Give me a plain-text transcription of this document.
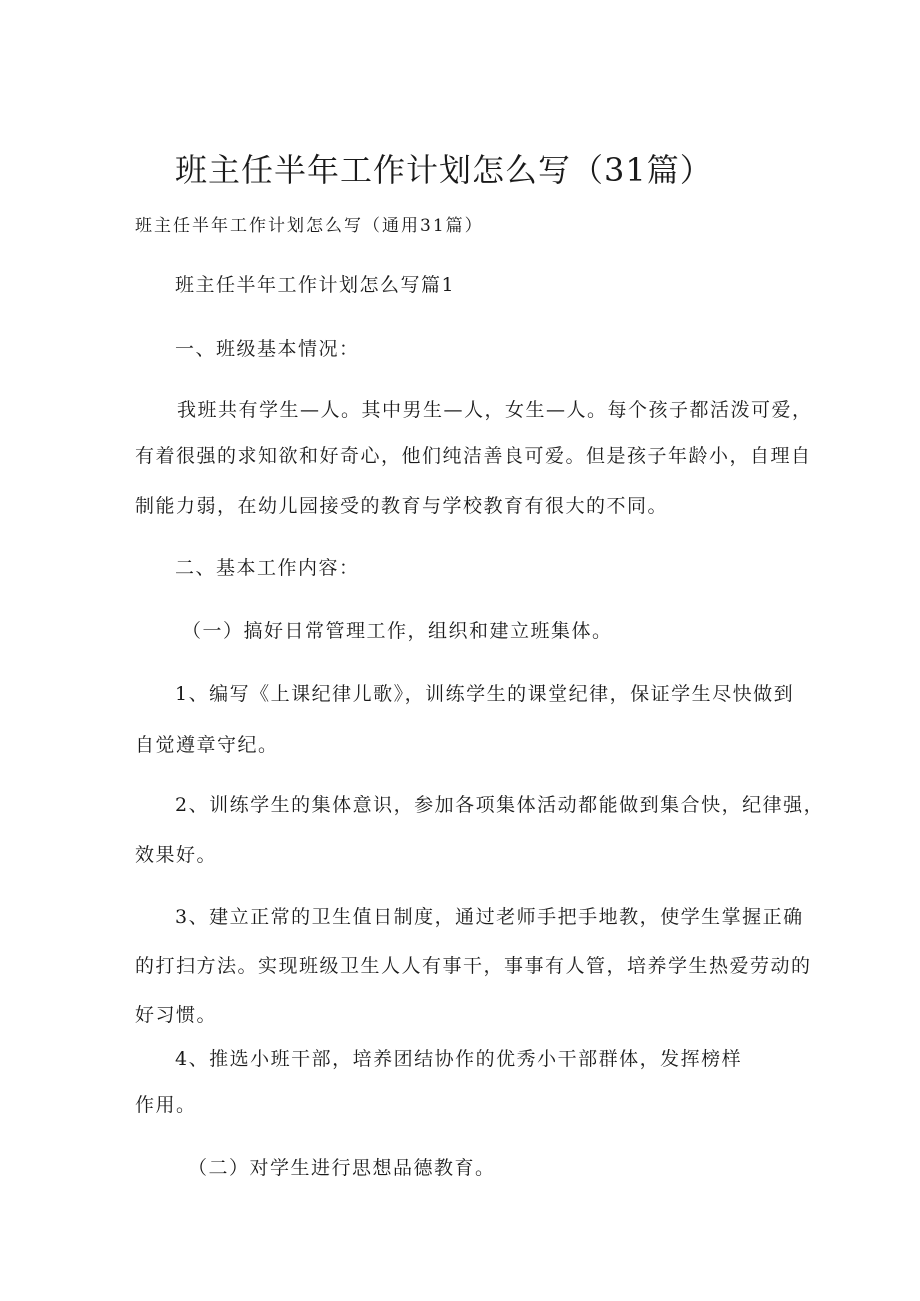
班主任半年工作计划怎么写（31篇）
班主任半年工作计划怎么写（通用31篇）
班主任半年工作计划怎么写篇1
一、班级基本情况：
我班共有学生—人。其中男生—人，女生—人。每个孩子都活泼可爱，
有着很强的求知欲和好奇心，他们纯洁善良可爱。但是孩子年龄小，自理自
制能力弱，在幼儿园接受的教育与学校教育有很大的不同。
二、基本工作内容：
（一）搞好日常管理工作，组织和建立班集体。
1、编写《上课纪律儿歌》，训练学生的课堂纪律，保证学生尽快做到
自觉遵章守纪。
2、训练学生的集体意识，参加各项集体活动都能做到集合快，纪律强，
效果好。
3、建立正常的卫生值日制度，通过老师手把手地教，使学生掌握正确
的打扫方法。实现班级卫生人人有事干，事事有人管，培养学生热爱劳动的
好习惯。
4、推选小班干部，培养团结协作的优秀小干部群体，发挥榜样
作用。
（二）对学生进行思想品德教育。
